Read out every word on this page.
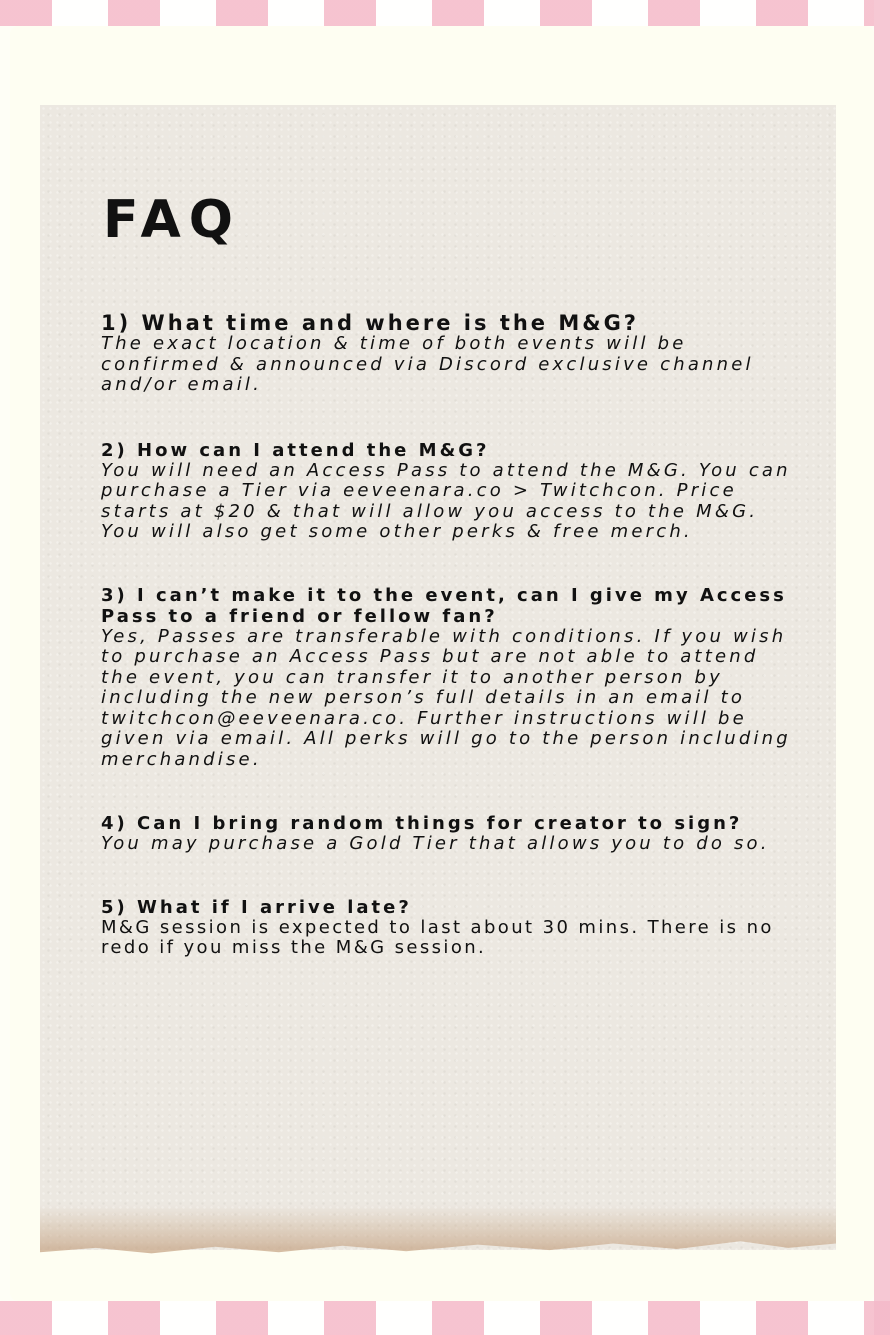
FAQ

1) What time and where is the M&G?

The exact location & time of both events will be confirmed & announced via Discord exclusive channel and/or email.

2) How can I attend the M&G?

You will need an Access Pass to attend the M&G. You can purchase a Tier via eeveenara.co > Twitchcon. Price starts at $20 & that will allow you access to the M&G. You will also get some other perks & free merch.

3) I can’t make it to the event, can I give my Access Pass to a friend or fellow fan?

Yes, Passes are transferable with conditions. If you wish to purchase an Access Pass but are not able to attend the event, you can transfer it to another person by including the new person’s full details in an email to twitchcon@eeveenara.co. Further instructions will be given via email. All perks will go to the person including merchandise.

4) Can I bring random things for creator to sign?

You may purchase a Gold Tier that allows you to do so.

5) What if I arrive late?

M&G session is expected to last about 30 mins. There is no redo if you miss the M&G session.
